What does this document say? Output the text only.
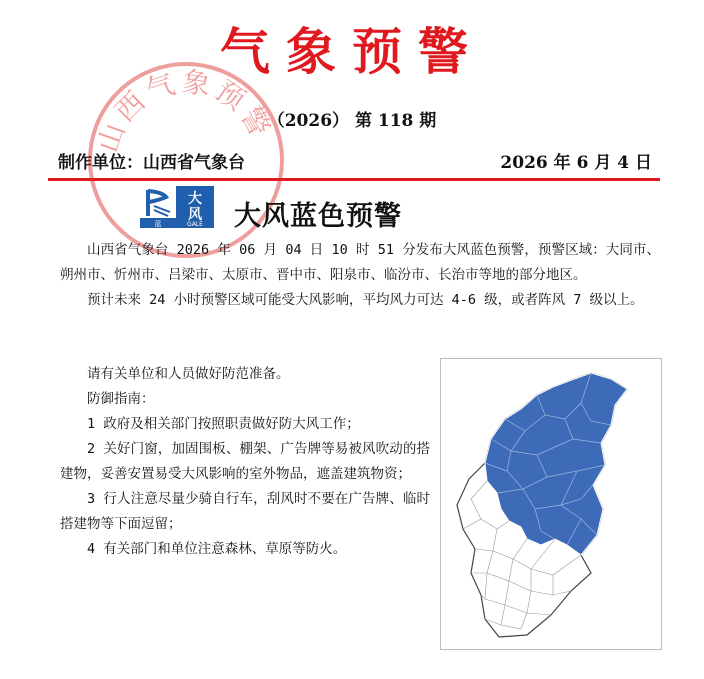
气象预警
（2026） 第 118 期
制作单位：山西省气象台	2026 年 6 月 4 日
山西气象预警
大
风
蓝	GALE 大风蓝色预警

山西省气象台 2026 年 06 月 04 日 10 时 51 分发布大风蓝色预警，预警区域：大同市、朔州市、忻州市、吕梁市、太原市、晋中市、阳泉市、临汾市、长治市等地的部分地区。

预计未来 24 小时预警区域可能受大风影响，平均风力可达 4-6 级，或者阵风 7 级以上。

请有关单位和人员做好防范准备。

防御指南：

1 政府及相关部门按照职责做好防大风工作；

2 关好门窗，加固围板、棚架、广告牌等易被风吹动的搭建物，妥善安置易受大风影响的室外物品，遮盖建筑物资；

3 行人注意尽量少骑自行车，刮风时不要在广告牌、临时搭建物等下面逗留；

4 有关部门和单位注意森林、草原等防火。
